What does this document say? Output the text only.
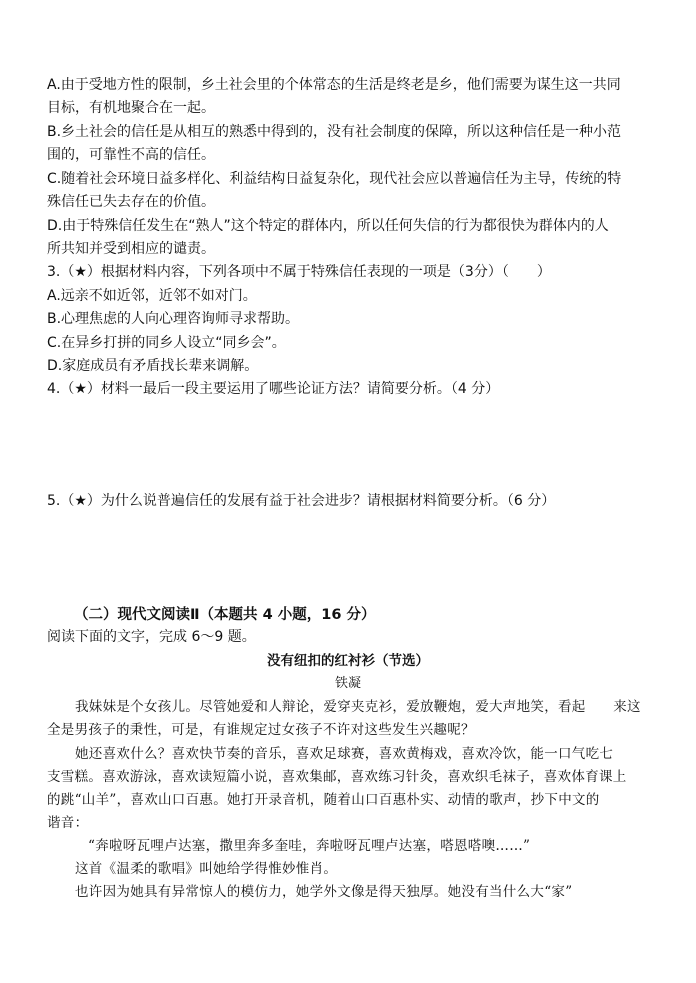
A.由于受地方性的限制，乡土社会里的个体常态的生活是终老是乡，他们需要为谋生这一共同
目标，有机地聚合在一起。
B.乡土社会的信任是从相互的熟悉中得到的，没有社会制度的保障，所以这种信任是一种小范
围的，可靠性不高的信任。
C.随着社会环境日益多样化、利益结构日益复杂化，现代社会应以普遍信任为主导，传统的特
殊信任已失去存在的价值。
D.由于特殊信任发生在“熟人”这个特定的群体内，所以任何失信的行为都很快为群体内的人
所共知并受到相应的谴责。
3.（★）根据材料内容，下列各项中不属于特殊信任表现的一项是（3分）（　　）
A.远亲不如近邻，近邻不如对门。
B.心理焦虑的人向心理咨询师寻求帮助。
C.在异乡打拼的同乡人设立“同乡会”。
D.家庭成员有矛盾找长辈来调解。
4.（★）材料一最后一段主要运用了哪些论证方法？请简要分析。（4 分）
5.（★）为什么说普遍信任的发展有益于社会进步？请根据材料简要分析。（6 分）
（二）现代文阅读Ⅱ（本题共 4 小题，16 分）
阅读下面的文字，完成 6～9 题。
没有纽扣的红衬衫（节选）
铁凝
我妹妹是个女孩儿。尽管她爱和人辩论，爱穿夹克衫，爱放鞭炮，爱大声地笑，看起　　来这
全是男孩子的秉性，可是，有谁规定过女孩子不许对这些发生兴趣呢？
她还喜欢什么？喜欢快节奏的音乐，喜欢足球赛，喜欢黄梅戏，喜欢冷饮，能一口气吃七
支雪糕。喜欢游泳，喜欢读短篇小说，喜欢集邮，喜欢练习针灸，喜欢织毛袜子，喜欢体育课上
的跳“山羊”，喜欢山口百惠。她打开录音机，随着山口百惠朴实、动情的歌声，抄下中文的
谐音：
“奔啦呀瓦哩卢达塞，撒里奔多奎哇，奔啦呀瓦哩卢达塞，嗒恩嗒噢……”
这首《温柔的歌唱》叫她给学得惟妙惟肖。
也许因为她具有异常惊人的模仿力，她学外文像是得天独厚。她没有当什么大“家”
